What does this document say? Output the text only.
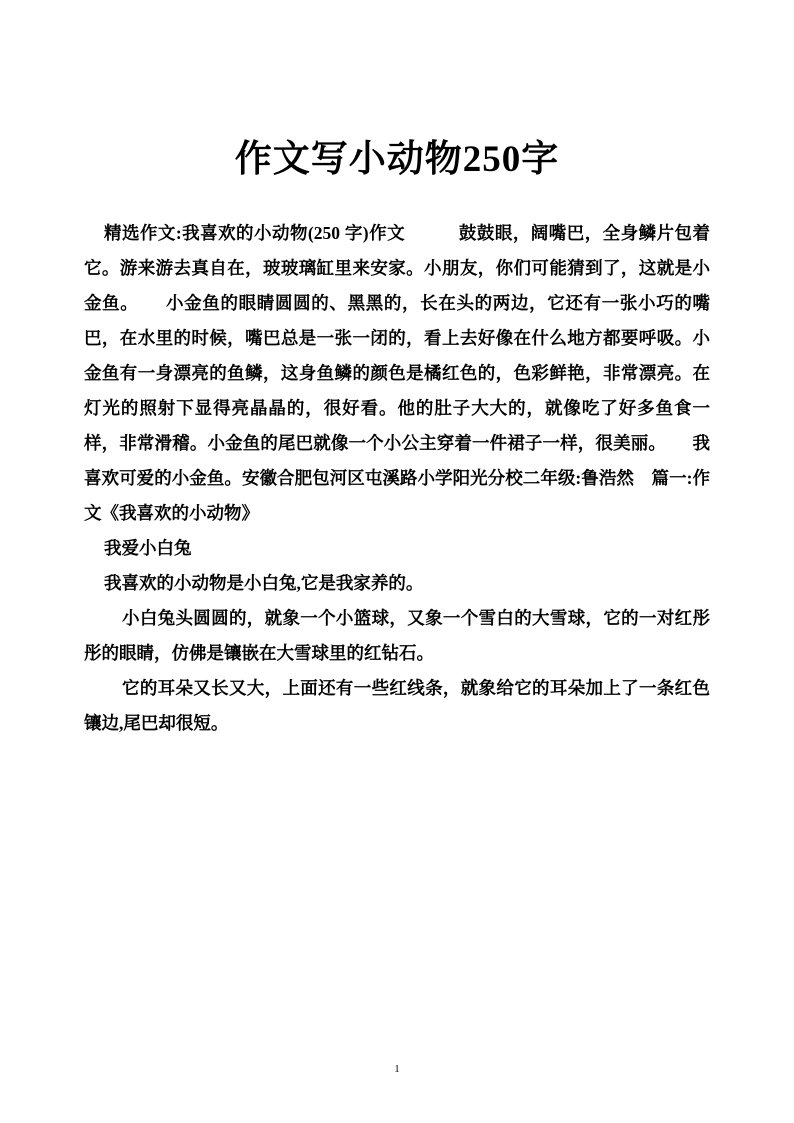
作文写小动物250字

精选作文:我喜欢的小动物(250 字)作文　　　鼓鼓眼，阔嘴巴，全身鳞片包着它。游来游去真自在，玻玻璃缸里来安家。小朋友，你们可能猜到了，这就是小金鱼。　　小金鱼的眼睛圆圆的、黑黑的，长在头的两边，它还有一张小巧的嘴巴，在水里的时候，嘴巴总是一张一闭的，看上去好像在什么地方都要呼吸。小金鱼有一身漂亮的鱼鳞，这身鱼鳞的颜色是橘红色的，色彩鲜艳，非常漂亮。在灯光的照射下显得亮晶晶的，很好看。他的肚子大大的，就像吃了好多鱼食一样，非常滑稽。小金鱼的尾巴就像一个小公主穿着一件裙子一样，很美丽。　　我喜欢可爱的小金鱼。安徽合肥包河区屯溪路小学阳光分校二年级:鲁浩然　篇一:作文《我喜欢的小动物》

我爱小白兔

我喜欢的小动物是小白兔,它是我家养的。

小白兔头圆圆的，就象一个小篮球，又象一个雪白的大雪球，它的一对红彤彤的眼睛，仿佛是镶嵌在大雪球里的红钻石。

它的耳朵又长又大，上面还有一些红线条，就象给它的耳朵加上了一条红色镶边,尾巴却很短。

1
